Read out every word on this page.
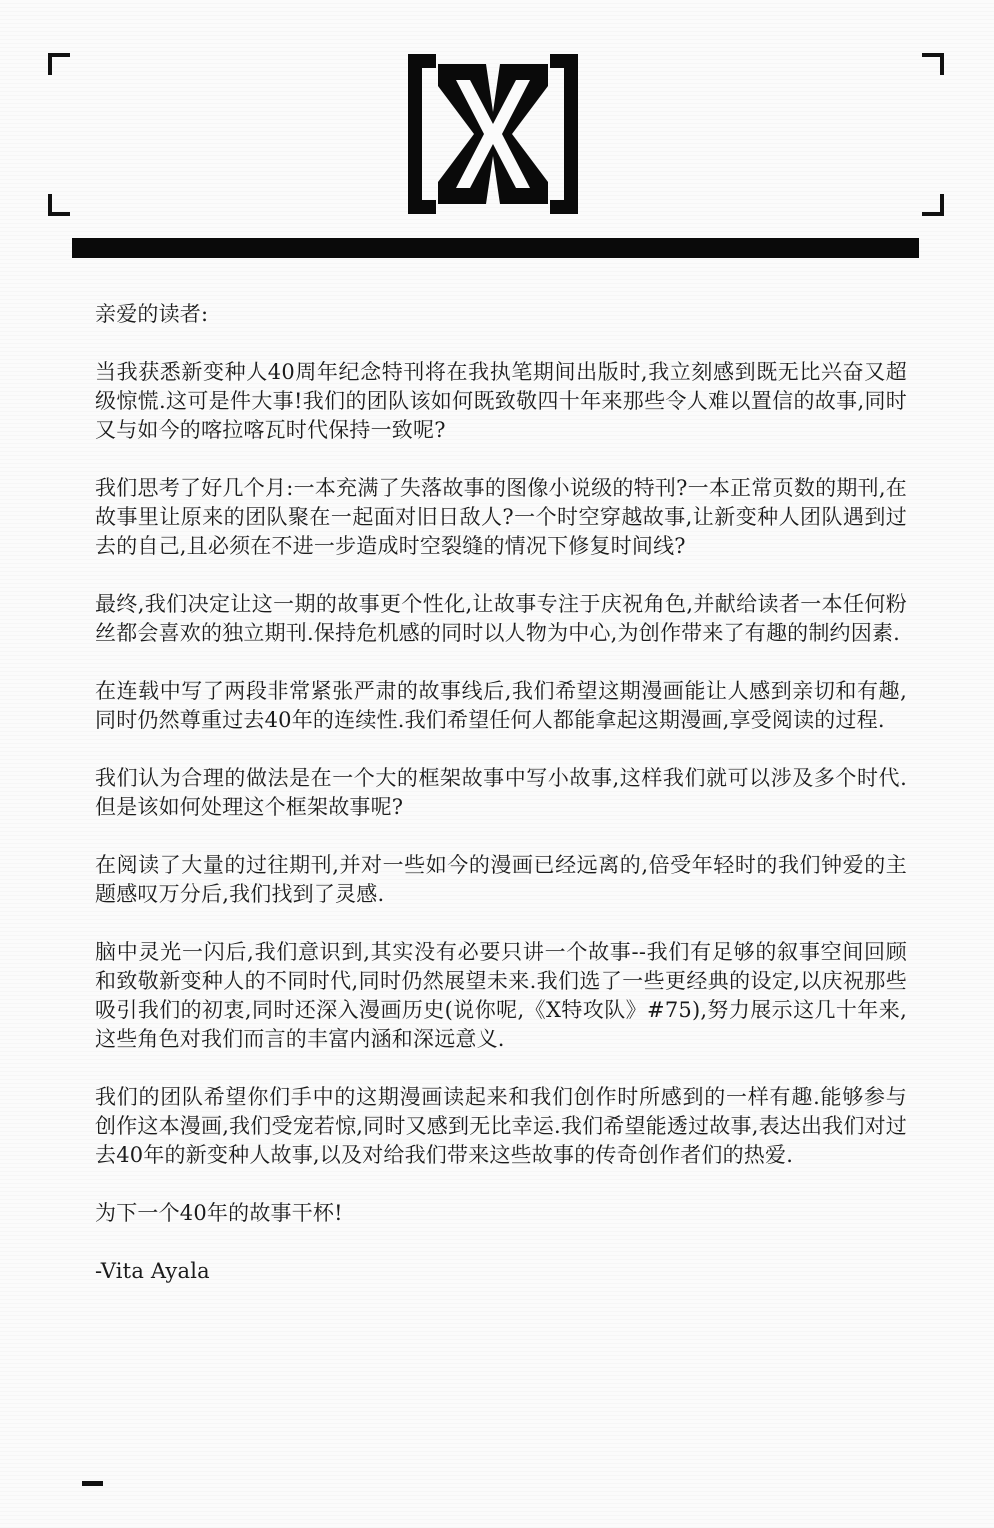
亲爱的读者:

当我获悉新变种人40周年纪念特刊将在我执笔期间出版时,我立刻感到既无比兴奋又超级惊慌.这可是件大事!我们的团队该如何既致敬四十年来那些令人难以置信的故事,同时又与如今的喀拉喀瓦时代保持一致呢?

我们思考了好几个月:一本充满了失落故事的图像小说级的特刊?一本正常页数的期刊,在故事里让原来的团队聚在一起面对旧日敌人?一个时空穿越故事,让新变种人团队遇到过去的自己,且必须在不进一步造成时空裂缝的情况下修复时间线?

最终,我们决定让这一期的故事更个性化,让故事专注于庆祝角色,并献给读者一本任何粉丝都会喜欢的独立期刊.保持危机感的同时以人物为中心,为创作带来了有趣的制约因素.

在连载中写了两段非常紧张严肃的故事线后,我们希望这期漫画能让人感到亲切和有趣,同时仍然尊重过去40年的连续性.我们希望任何人都能拿起这期漫画,享受阅读的过程.

我们认为合理的做法是在一个大的框架故事中写小故事,这样我们就可以涉及多个时代.但是该如何处理这个框架故事呢?

在阅读了大量的过往期刊,并对一些如今的漫画已经远离的,倍受年轻时的我们钟爱的主题感叹万分后,我们找到了灵感.

脑中灵光一闪后,我们意识到,其实没有必要只讲一个故事--我们有足够的叙事空间回顾和致敬新变种人的不同时代,同时仍然展望未来.我们选了一些更经典的设定,以庆祝那些吸引我们的初衷,同时还深入漫画历史(说你呢,《X特攻队》#75),努力展示这几十年来,这些角色对我们而言的丰富内涵和深远意义.

我们的团队希望你们手中的这期漫画读起来和我们创作时所感到的一样有趣.能够参与创作这本漫画,我们受宠若惊,同时又感到无比幸运.我们希望能透过故事,表达出我们对过去40年的新变种人故事,以及对给我们带来这些故事的传奇创作者们的热爱.

为下一个40年的故事干杯!

-Vita Ayala
